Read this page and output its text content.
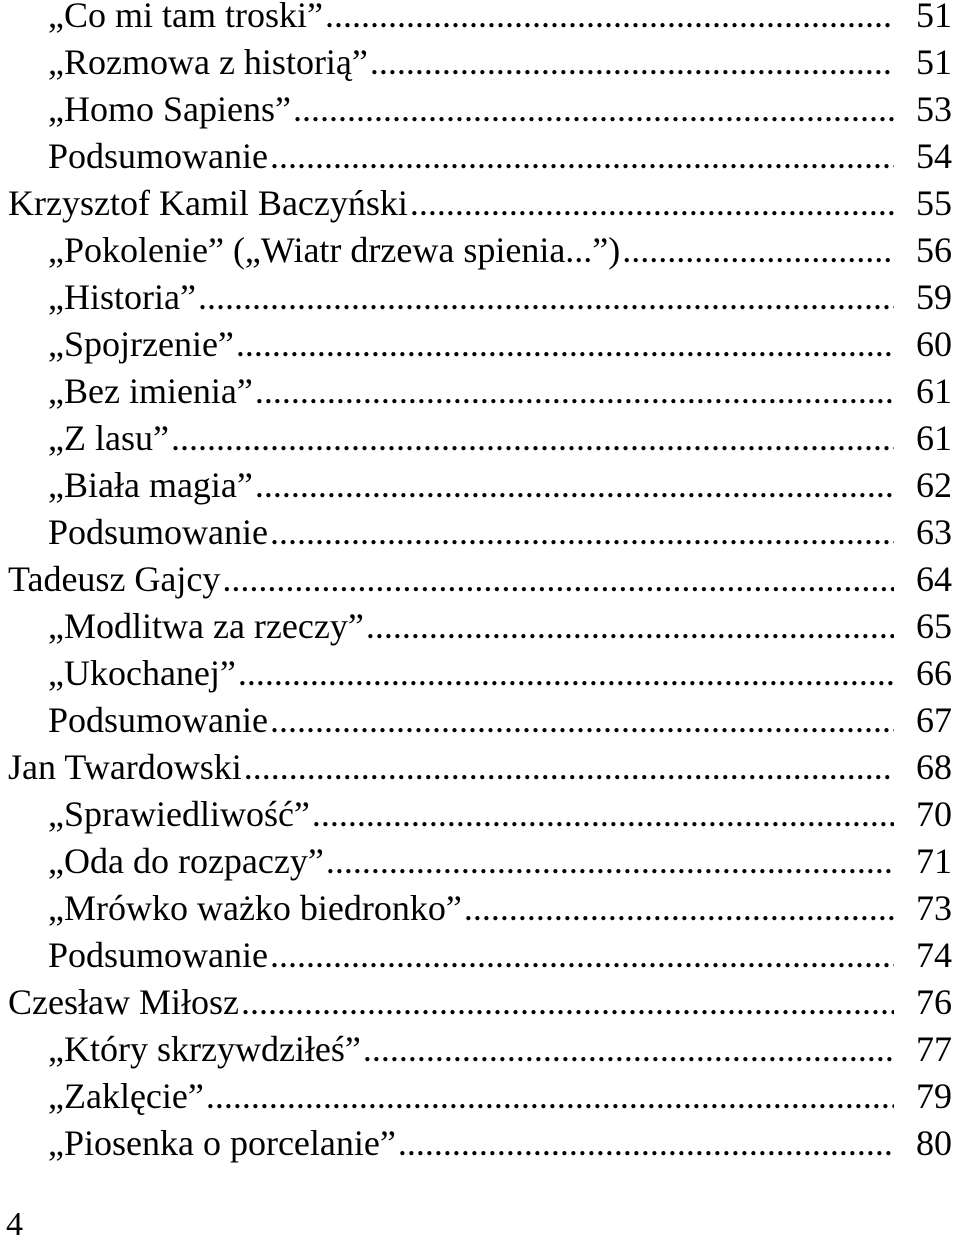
„Co mi tam troski” .....	51
„Rozmowa z historią” .....	51
„Homo Sapiens” .....	53
Podsumowanie .....	54
Krzysztof Kamil Baczyński .....	55
„Pokolenie” („Wiatr drzewa spienia...”) .....	56
„Historia” .....	59
„Spojrzenie” .....	60
„Bez imienia” .....	61
„Z lasu” .....	61
„Biała magia” .....	62
Podsumowanie .....	63
Tadeusz Gajcy .....	64
„Modlitwa za rzeczy” .....	65
„Ukochanej” .....	66
Podsumowanie .....	67
Jan Twardowski .....	68
„Sprawiedliwość” .....	70
„Oda do rozpaczy” .....	71
„Mrówko ważko biedronko” .....	73
Podsumowanie .....	74
Czesław Miłosz .....	76
„Który skrzywdziłeś” .....	77
„Zaklęcie” .....	79
„Piosenka o porcelanie” .....	80
4
